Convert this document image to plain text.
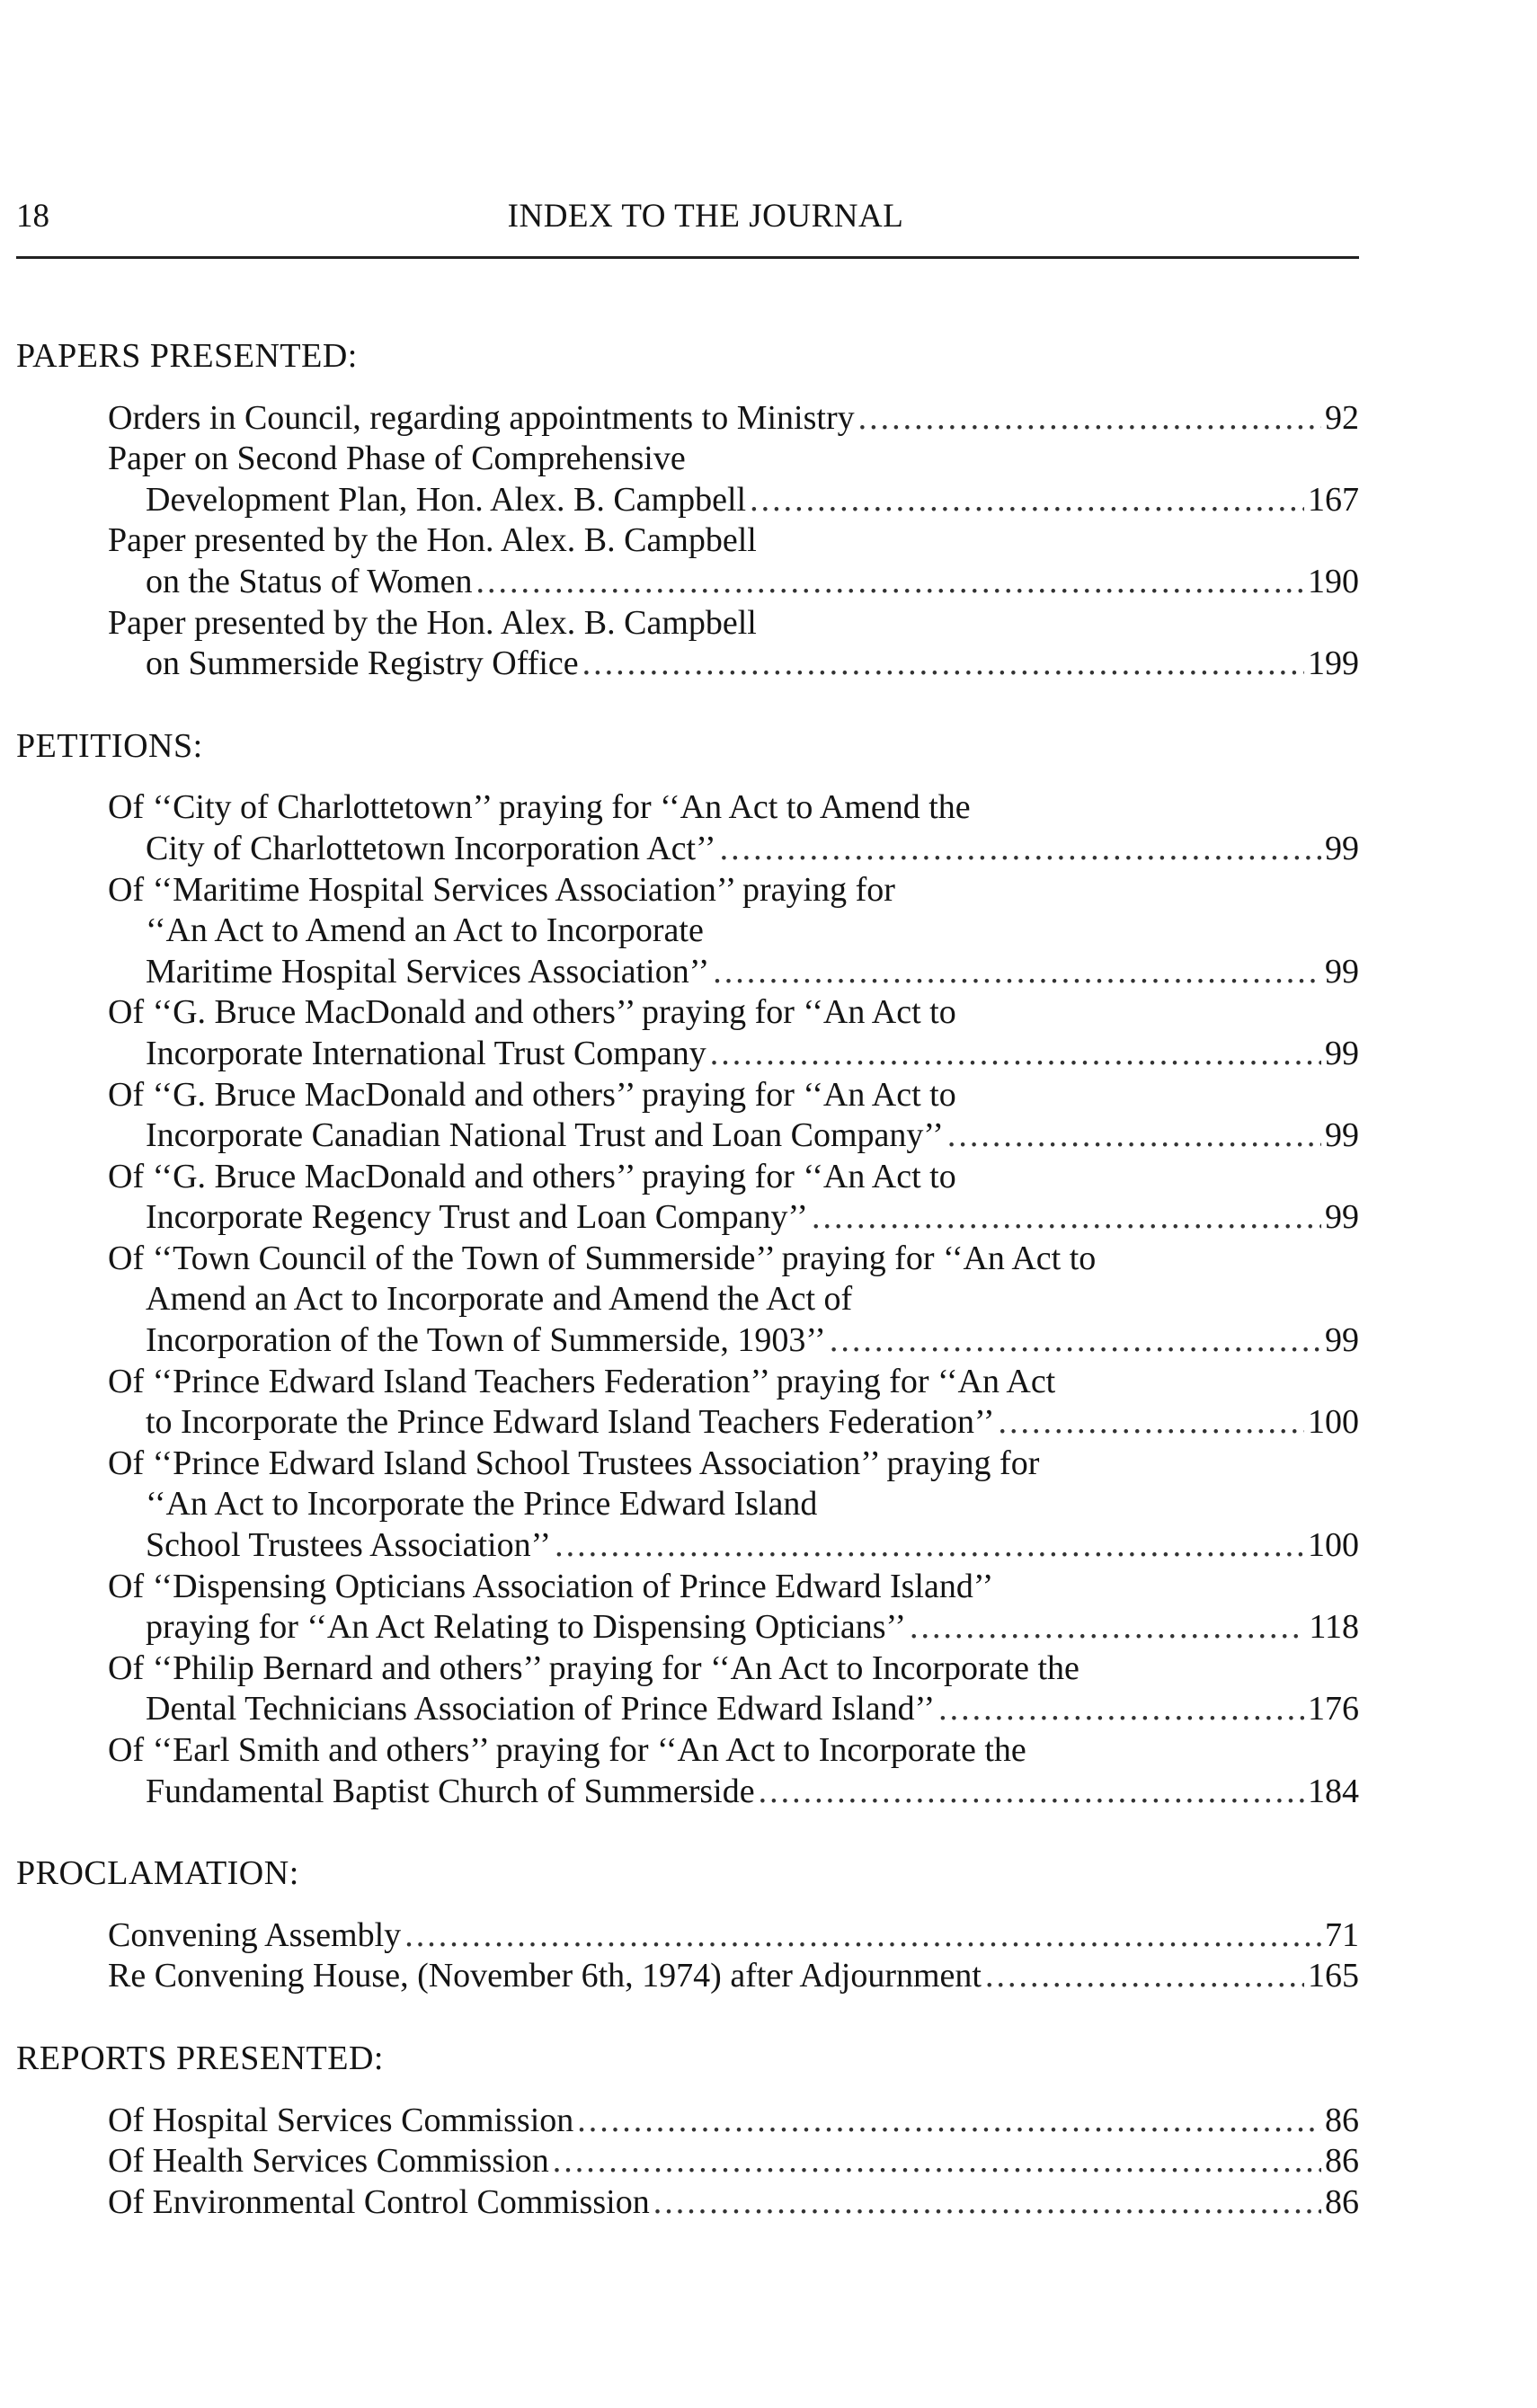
18	INDEX TO THE JOURNAL
PAPERS PRESENTED:
Orders in Council, regarding appointments to Ministry .....	92
Paper on Second Phase of Comprehensive
Development Plan, Hon. Alex. B. Campbell .....	167
Paper presented by the Hon. Alex. B. Campbell
on the Status of Women .....	190
Paper presented by the Hon. Alex. B. Campbell
on Summerside Registry Office .....	199
PETITIONS:
Of ‘‘City of Charlottetown’’ praying for ‘‘An Act to Amend the
City of Charlottetown Incorporation Act’’ .....	99
Of ‘‘Maritime Hospital Services Association’’ praying for
‘‘An Act to Amend an Act to Incorporate
Maritime Hospital Services Association’’ .....	99
Of ‘‘G. Bruce MacDonald and others’’ praying for ‘‘An Act to
Incorporate International Trust Company .....	99
Of ‘‘G. Bruce MacDonald and others’’ praying for ‘‘An Act to
Incorporate Canadian National Trust and Loan Company’’ .....	99
Of ‘‘G. Bruce MacDonald and others’’ praying for ‘‘An Act to
Incorporate Regency Trust and Loan Company’’ .....	99
Of ‘‘Town Council of the Town of Summerside’’ praying for ‘‘An Act to
Amend an Act to Incorporate and Amend the Act of
Incorporation of the Town of Summerside, 1903’’ .....	99
Of ‘‘Prince Edward Island Teachers Federation’’ praying for ‘‘An Act
to Incorporate the Prince Edward Island Teachers Federation’’ .....	100
Of ‘‘Prince Edward Island School Trustees Association’’ praying for
‘‘An Act to Incorporate the Prince Edward Island
School Trustees Association’’ .....	100
Of ‘‘Dispensing Opticians Association of Prince Edward Island’’
praying for ‘‘An Act Relating to Dispensing Opticians’’ .....	118
Of ‘‘Philip Bernard and others’’ praying for ‘‘An Act to Incorporate the
Dental Technicians Association of Prince Edward Island’’ .....	176
Of ‘‘Earl Smith and others’’ praying for ‘‘An Act to Incorporate the
Fundamental Baptist Church of Summerside .....	184
PROCLAMATION:
Convening Assembly .....	71
Re Convening House, (November 6th, 1974) after Adjournment .....	165
REPORTS PRESENTED:
Of Hospital Services Commission .....	86
Of Health Services Commission .....	86
Of Environmental Control Commission .....	86
